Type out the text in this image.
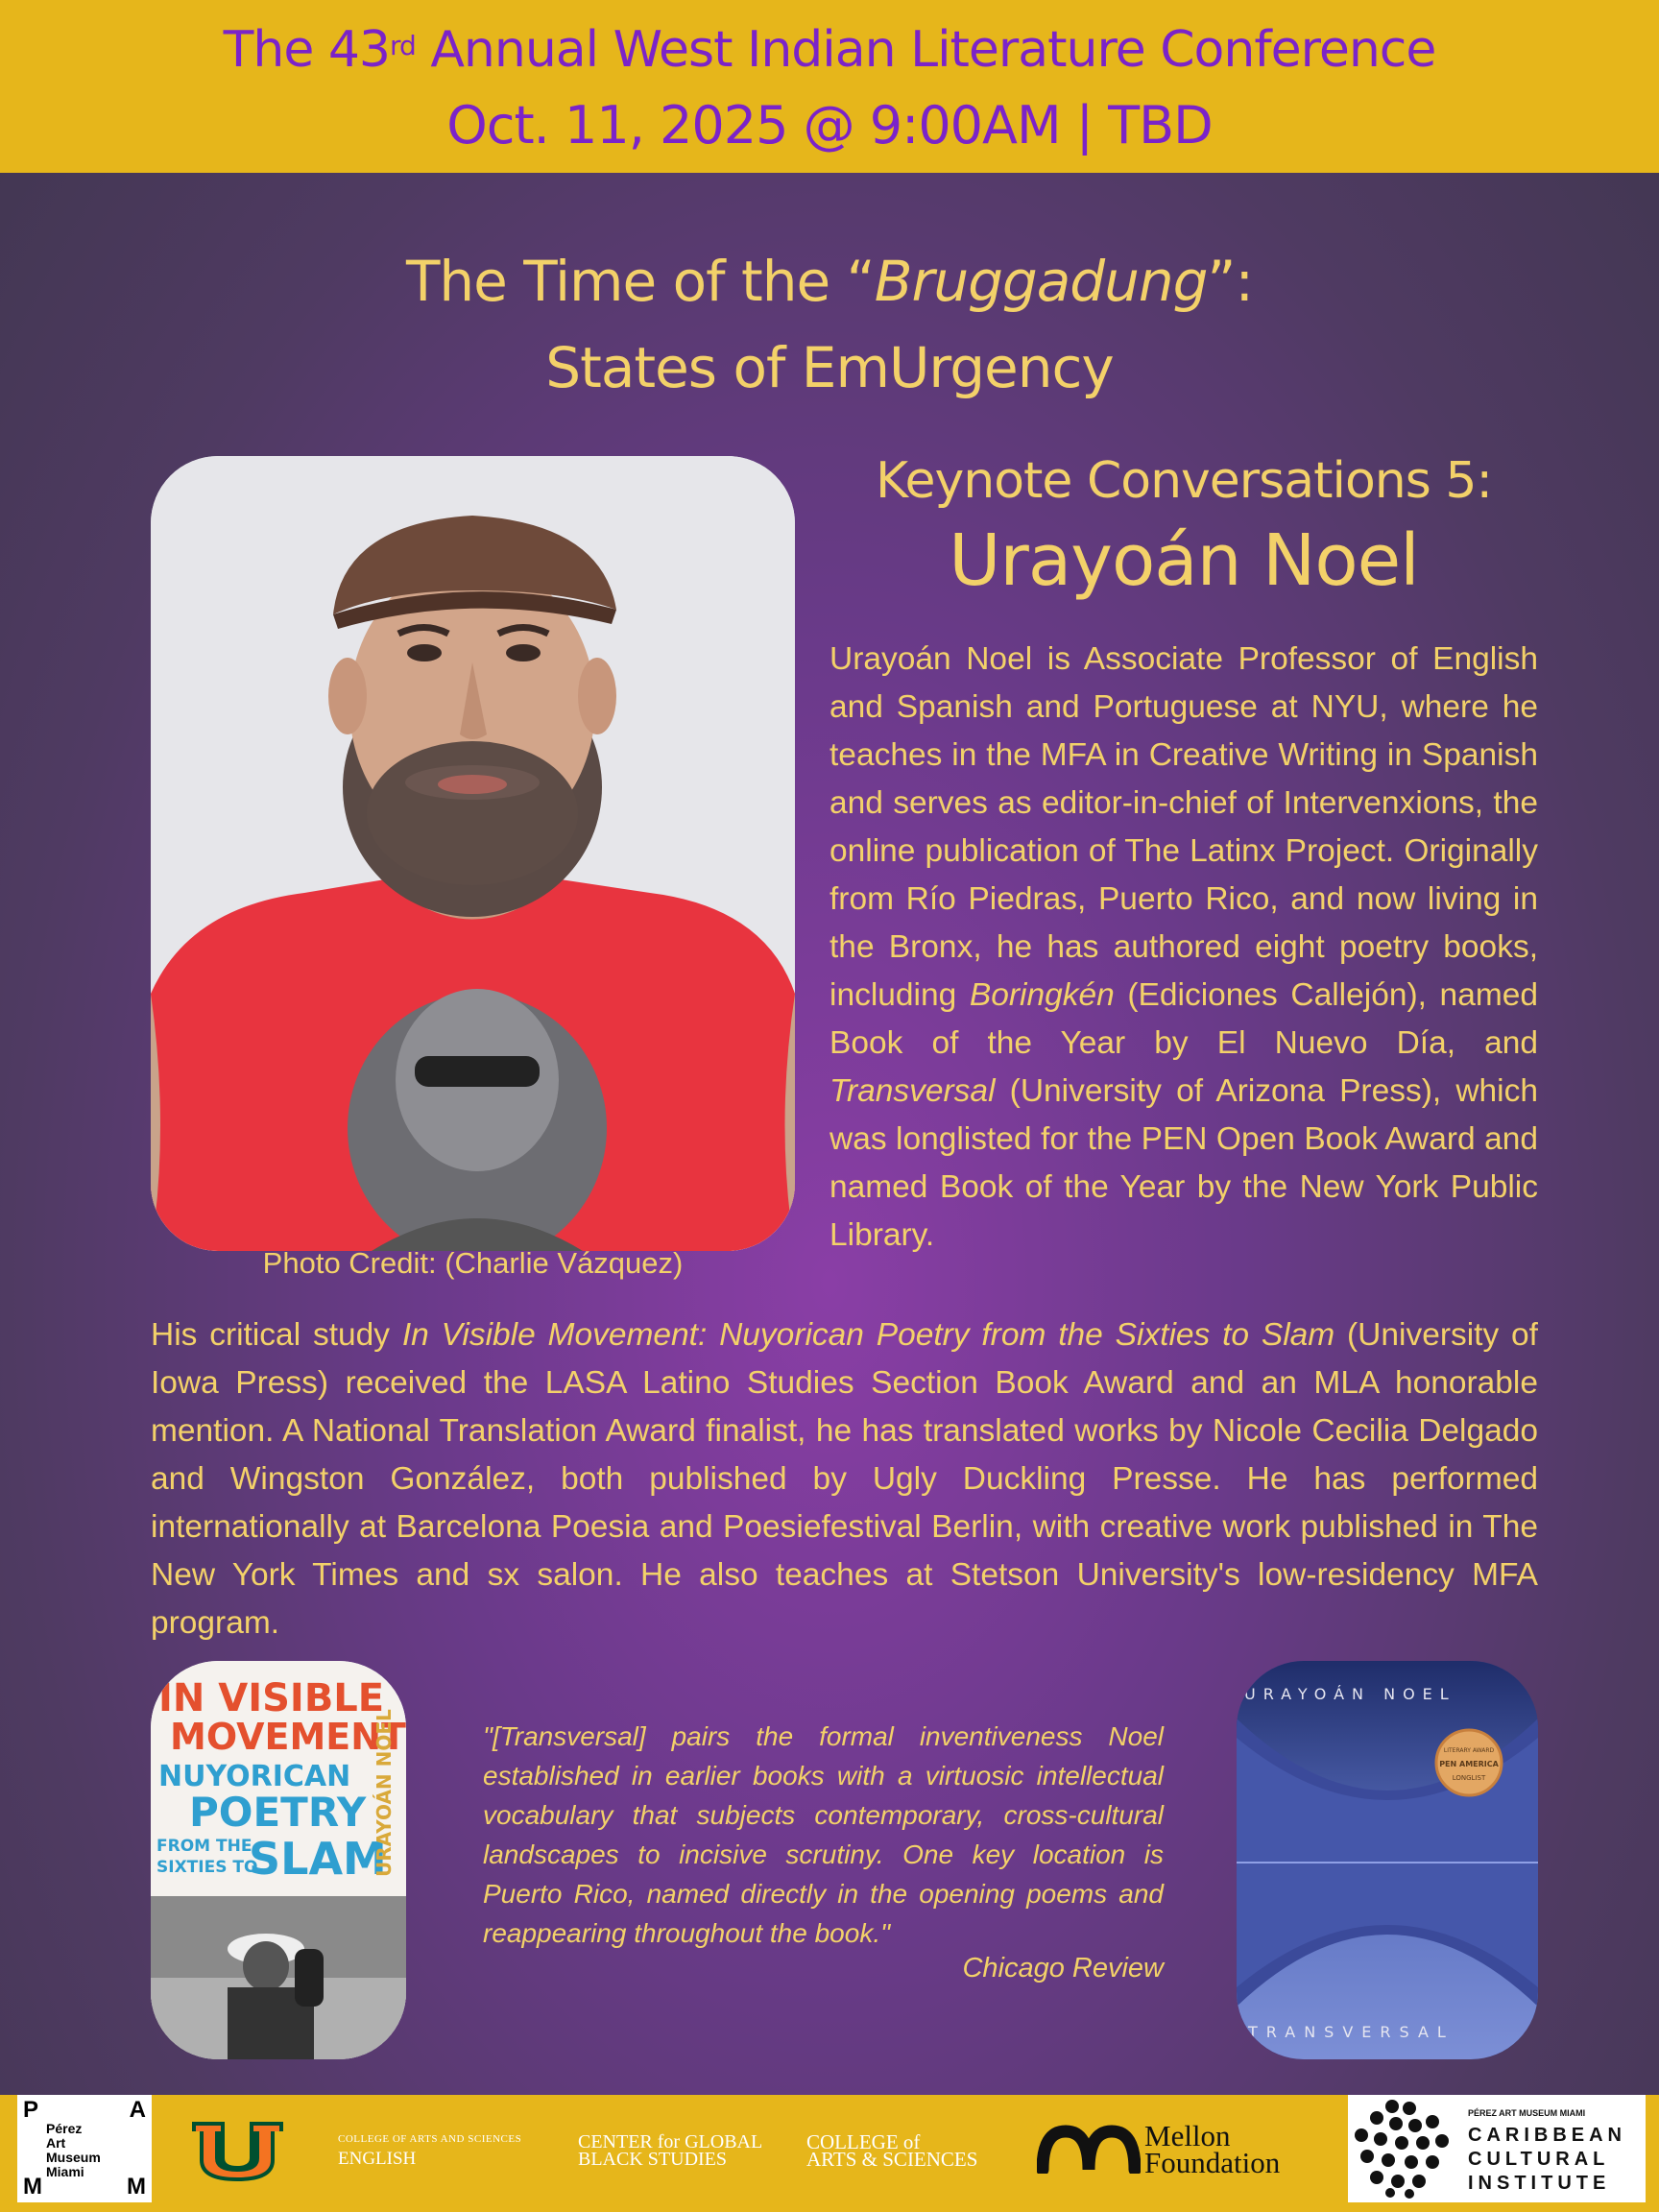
The 43rd Annual West Indian Literature Conference
Oct. 11, 2025 @ 9:00AM | TBD
The Time of the “Bruggadung”:
States of EmUrgency
Photo Credit: (Charlie Vázquez)
Keynote Conversations 5:
Urayoán Noel
Urayoán Noel is Associate Professor of English and Spanish and Portuguese at NYU, where he teaches in the MFA in Creative Writing in Spanish and serves as editor-in-chief of Intervenxions, the online publication of The Latinx Project. Originally from Río Piedras, Puerto Rico, and now living in the Bronx, he has authored eight poetry books, including Boringkén (Ediciones Callejón), named Book of the Year by El Nuevo Día, and Transversal (University of Arizona Press), which was longlisted for the PEN Open Book Award and named Book of the Year by the New York Public Library.
His critical study In Visible Movement: Nuyorican Poetry from the Sixties to Slam (University of Iowa Press) received the LASA Latino Studies Section Book Award and an MLA honorable mention. A National Translation Award finalist, he has translated works by Nicole Cecilia Delgado and Wingston González, both published by Ugly Duckling Presse. He has performed internationally at Barcelona Poesia and Poesiefestival Berlin, with creative work published in The New York Times and sx salon. He also teaches at Stetson University's low-residency MFA program.
IN VISIBLE
MOVEMENT
NUYORICAN
POETRY
FROM THE
SIXTIES TO
SLAM
URAYOÁN NOEL	"[Transversal] pairs the formal inventiveness Noel established in earlier books with a virtuosic intellectual vocabulary that subjects contemporary, cross-cultural landscapes to incisive scrutiny. One key location is Puerto Rico, named directly in the opening poems and reappearing throughout the book."
Chicago Review
URAYOÁN NOEL
TRANSVERSAL
LITERARY AWARD
PEN AMERICA
LONGLIST
P	A
M	M
Pérez
Art
Museum
Miami
COLLEGE OF ARTS AND SCIENCES
ENGLISH
CENTER for GLOBAL
BLACK STUDIES
COLLEGE of
ARTS & SCIENCES
Mellon
Foundation
PÉREZ ART MUSEUM MIAMI
CARIBBEAN
CULTURAL
INSTITUTE
